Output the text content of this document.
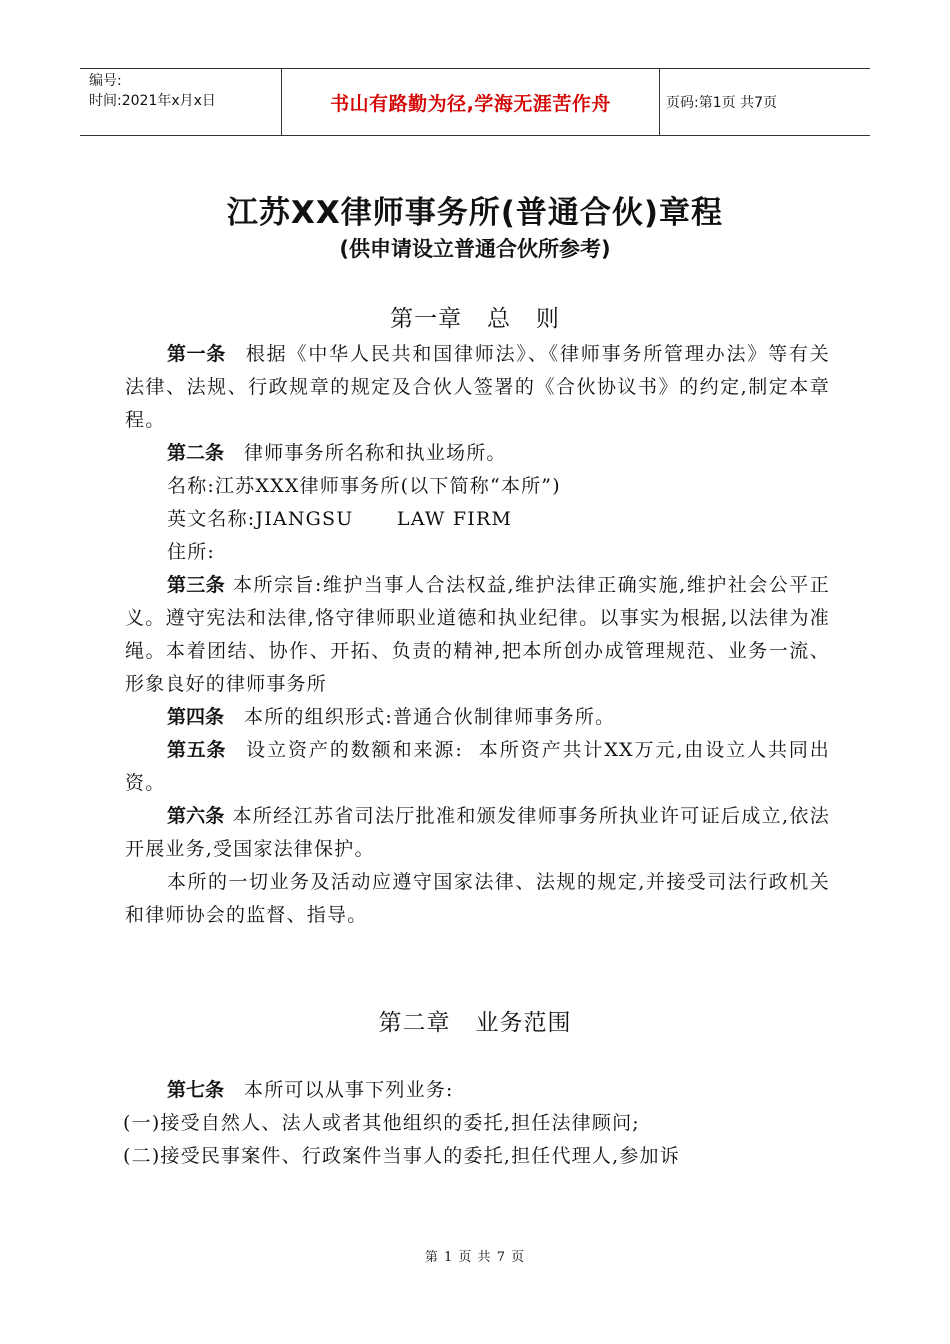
编号:
时间:2021年x月x日	书山有路勤为径,学海无涯苦作舟	页码:第1页 共7页
江苏XX律师事务所(普通合伙)章程
(供申请设立普通合伙所参考)
第一章   总   则

第一条 根据《中华人民共和国律师法》、《律师事务所管理办法》等有关法律、法规、行政规章的规定及合伙人签署的《合伙协议书》的约定,制定本章程。

第二条 律师事务所名称和执业场所。

名称:江苏XXX律师事务所(以下简称“本所”)

英文名称:JIANGSU      LAW FIRM

住所:

第三条 本所宗旨:维护当事人合法权益,维护法律正确实施,维护社会公平正义。遵守宪法和法律,恪守律师职业道德和执业纪律。以事实为根据,以法律为准绳。本着团结、协作、开拓、负责的精神,把本所创办成管理规范、业务一流、形象良好的律师事务所

第四条 本所的组织形式:普通合伙制律师事务所。

第五条 设立资产的数额和来源:  本所资产共计XX万元,由设立人共同出资。

第六条 本所经江苏省司法厅批准和颁发律师事务所执业许可证后成立,依法开展业务,受国家法律保护。

本所的一切业务及活动应遵守国家法律、法规的规定,并接受司法行政机关和律师协会的监督、指导。

第二章   业务范围

第七条 本所可以从事下列业务:

(一)接受自然人、法人或者其他组织的委托,担任法律顾问;

(二)接受民事案件、行政案件当事人的委托,担任代理人,参加诉

第 1 页 共 7 页
